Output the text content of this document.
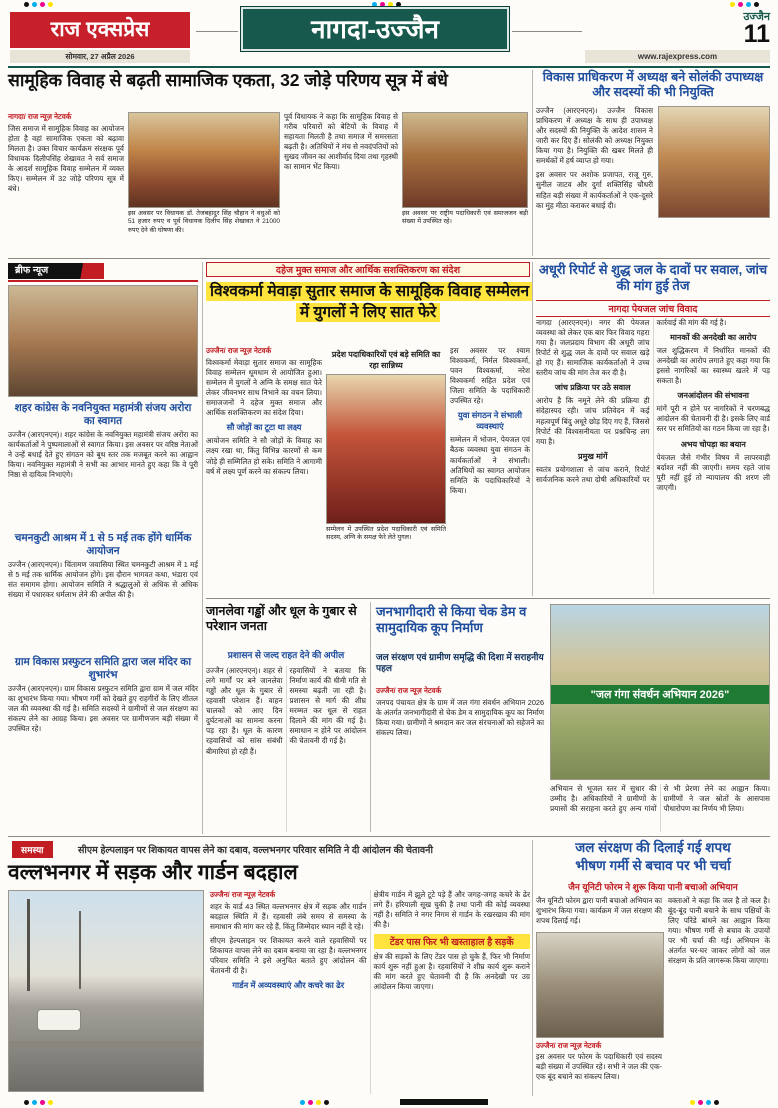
राज एक्सप्रेस
सोमवार, 27 अप्रैल 2026
नागदा-उज्जैन	उज्जैन
11
www.rajexpress.com
सामूहिक विवाह से बढ़ती सामाजिक एकता, 32 जोड़े परिणय सूत्र में बंधे

नागदा/ राज न्यूज़ नेटवर्क

जिस समाज में सामूहिक विवाह का आयोजन होता है वहां सामाजिक एकता को बढ़ावा मिलता है। उक्त विचार कार्यक्रम संरक्षक पूर्व विधायक दिलीपसिंह शेखावत ने सर्व समाज के आदर्श सामूहिक विवाह सम्मेलन में व्यक्त किए। सम्मेलन में 32 जोड़े परिणय सूत्र में बंधे।
इस अवसर पर विधायक डॉ. तेजबहादुर सिंह चौहान ने वधुओं को 51 हजार रुपए व पूर्व विधायक दिलीप सिंह शेखावत ने 21000 रुपए देने की घोषणा की।
पूर्व विधायक ने कहा कि सामूहिक विवाह से गरीब परिवारों को बेटियों के विवाह में सहायता मिलती है तथा समाज में समरसता बढ़ती है। अतिथियों ने मंच से नवदंपतियों को सुखद जीवन का आशीर्वाद दिया तथा गृहस्थी का सामान भेंट किया।
इस अवसर पर राष्ट्रीय पदाधिकारी एवं समाजजन बड़ी संख्या में उपस्थित रहे।
विकास प्राधिकरण में अध्यक्ष बने सोलंकी उपाध्यक्ष और सदस्यों की भी नियुक्ति

उज्जैन (आरएनएन)। उज्जैन विकास प्राधिकरण में अध्यक्ष के साथ ही उपाध्यक्ष और सदस्यों की नियुक्ति के आदेश शासन ने जारी कर दिए हैं। सोलंकी को अध्यक्ष नियुक्त किया गया है। नियुक्ति की खबर मिलते ही समर्थकों में हर्ष व्याप्त हो गया।

इस अवसर पर अशोक प्रजापत, राजू गुरु, सुनील जाटव और दुर्गा शक्तिसिंह चौधरी सहित बड़ी संख्या में कार्यकर्ताओं ने एक-दूसरे का मुंह मीठा कराकर बधाई दी।

ब्रीफ न्यूज
शहर कांग्रेस के नवनियुक्त महामंत्री संजय अरोरा का स्वागत
उज्जैन (आरएनएन)। शहर कांग्रेस के नवनियुक्त महामंत्री संजय अरोरा का कार्यकर्ताओं ने पुष्पमालाओं से स्वागत किया। इस अवसर पर वरिष्ठ नेताओं ने उन्हें बधाई देते हुए संगठन को बूथ स्तर तक मजबूत करने का आह्वान किया। नवनियुक्त महामंत्री ने सभी का आभार मानते हुए कहा कि वे पूरी निष्ठा से दायित्व निभाएंगे।
चमनकुटी आश्रम में 1 से 5 मई तक होंगे धार्मिक आयोजन
उज्जैन (आरएनएन)। चिंतामण जवासिया स्थित चमनकुटी आश्रम में 1 मई से 5 मई तक धार्मिक आयोजन होंगे। इस दौरान भागवत कथा, भंडारा एवं संत समागम होगा। आयोजन समिति ने श्रद्धालुओं से अधिक से अधिक संख्या में पधारकर धर्मलाभ लेने की अपील की है।
ग्राम विकास प्रस्फुटन समिति द्वारा जल मंदिर का शुभारंभ
उज्जैन (आरएनएन)। ग्राम विकास प्रस्फुटन समिति द्वारा ग्राम में जल मंदिर का शुभारंभ किया गया। भीषण गर्मी को देखते हुए राहगीरों के लिए शीतल जल की व्यवस्था की गई है। समिति सदस्यों ने ग्रामीणों से जल संरक्षण का संकल्प लेने का आग्रह किया। इस अवसर पर ग्रामीणजन बड़ी संख्या में उपस्थित रहे।
दहेज मुक्त समाज और आर्थिक सशक्तिकरण का संदेश
विश्वकर्मा मेवाड़ा सुतार समाज के सामूहिक विवाह सम्मेलन में युगलों ने लिए सात फेरे

उज्जैन/ राज न्यूज़ नेटवर्क

विश्वकर्मा मेवाड़ा सुतार समाज का सामूहिक विवाह सम्मेलन धूमधाम से आयोजित हुआ। सम्मेलन में युगलों ने अग्नि के समक्ष सात फेरे लेकर जीवनभर साथ निभाने का वचन लिया। समाजजनों ने दहेज मुक्त समाज और आर्थिक सशक्तिकरण का संदेश दिया।

सौ जोड़ों का टूटा था लक्ष्य

आयोजन समिति ने सौ जोड़ों के विवाह का लक्ष्य रखा था, किंतु विभिन्न कारणों से कम जोड़े ही सम्मिलित हो सके। समिति ने आगामी वर्ष में लक्ष्य पूर्ण करने का संकल्प लिया।

प्रदेश पदाधिकारियों एवं बड़े समिति का रहा सान्निध्य
सम्मेलन में उपस्थित प्रदेश पदाधिकारी एवं समिति सदस्य, अग्नि के समक्ष फेरे लेते युगल।

इस अवसर पर श्याम विश्वकर्मा, निर्मल विश्वकर्मा, पवन विश्वकर्मा, नरेश विश्वकर्मा सहित प्रदेश एवं जिला समिति के पदाधिकारी उपस्थित रहे।

युवा संगठन ने संभाली व्यवस्थाएं

सम्मेलन में भोजन, पेयजल एवं बैठक व्यवस्था युवा संगठन के कार्यकर्ताओं ने संभाली। अतिथियों का स्वागत आयोजन समिति के पदाधिकारियों ने किया।

अधूरी रिपोर्ट से शुद्ध जल के दावों पर सवाल, जांच की मांग हुई तेज
नागदा पेयजल जांच विवाद

नागदा (आरएनएन)। नगर की पेयजल व्यवस्था को लेकर एक बार फिर विवाद गहरा गया है। जलप्रदाय विभाग की अधूरी जांच रिपोर्ट से शुद्ध जल के दावों पर सवाल खड़े हो गए हैं। सामाजिक कार्यकर्ताओं ने उच्च स्तरीय जांच की मांग तेज कर दी है।

जांच प्रक्रिया पर उठे सवाल

आरोप है कि नमूने लेने की प्रक्रिया ही संदेहास्पद रही। जांच प्रतिवेदन में कई महत्वपूर्ण बिंदु अधूरे छोड़ दिए गए हैं, जिससे रिपोर्ट की विश्वसनीयता पर प्रश्नचिन्ह लग गया है।

प्रमुख मांगें

स्वतंत्र प्रयोगशाला से जांच कराने, रिपोर्ट सार्वजनिक करने तथा दोषी अधिकारियों पर कार्रवाई की मांग की गई है।

मानकों की अनदेखी का आरोप

जल शुद्धिकरण में निर्धारित मानकों की अनदेखी का आरोप लगाते हुए कहा गया कि इससे नागरिकों का स्वास्थ्य खतरे में पड़ सकता है।

जनआंदोलन की संभावना

मांगें पूरी न होने पर नागरिकों ने चरणबद्ध आंदोलन की चेतावनी दी है। इसके लिए वार्ड स्तर पर समितियों का गठन किया जा रहा है।

अभय चोपड़ा का बयान

पेयजल जैसे गंभीर विषय में लापरवाही बर्दाश्त नहीं की जाएगी। समय रहते जांच पूरी नहीं हुई तो न्यायालय की शरण ली जाएगी।

जानलेवा गड्ढों और धूल के गुबार से परेशान जनता
प्रशासन से जल्द राहत देने की अपील

उज्जैन (आरएनएन)। शहर से लगे मार्गों पर बने जानलेवा गड्ढों और धूल के गुबार से रहवासी परेशान हैं। वाहन चालकों को आए दिन दुर्घटनाओं का सामना करना पड़ रहा है। धूल के कारण रहवासियों को सांस संबंधी बीमारियां हो रही हैं।

रहवासियों ने बताया कि निर्माण कार्य की धीमी गति से समस्या बढ़ती जा रही है। प्रशासन से मार्ग की शीघ्र मरम्मत कर धूल से राहत दिलाने की मांग की गई है। समाधान न होने पर आंदोलन की चेतावनी दी गई है।

जनभागीदारी से किया चेक डेम व सामुदायिक कूप निर्माण
जल संरक्षण एवं ग्रामीण समृद्धि की दिशा में सराहनीय पहल

उज्जैन/ राज न्यूज़ नेटवर्क

जनपद पंचायत क्षेत्र के ग्राम में जल गंगा संवर्धन अभियान 2026 के अंतर्गत जनभागीदारी से चेक डेम व सामुदायिक कूप का निर्माण किया गया। ग्रामीणों ने श्रमदान कर जल संरचनाओं को सहेजने का संकल्प लिया।

"जल गंगा संवर्धन अभियान 2026"

अभियान से भूजल स्तर में सुधार की उम्मीद है। अधिकारियों ने ग्रामीणों के प्रयासों की सराहना करते हुए अन्य गांवों से भी प्रेरणा लेने का आह्वान किया। ग्रामीणों ने जल स्रोतों के आसपास पौधारोपण का निर्णय भी लिया।

समस्या	सीएम हेल्पलाइन पर शिकायत वापस लेने का दबाव, वल्लभनगर परिवार समिति ने दी आंदोलन की चेतावनी
वल्लभनगर में सड़क और गार्डन बदहाल

उज्जैन/ राज न्यूज़ नेटवर्क

शहर के वार्ड 43 स्थित वल्लभनगर क्षेत्र में सड़क और गार्डन बदहाल स्थिति में हैं। रहवासी लंबे समय से समस्या के समाधान की मांग कर रहे हैं, किंतु जिम्मेदार ध्यान नहीं दे रहे।

सीएम हेल्पलाइन पर शिकायत करने वाले रहवासियों पर शिकायत वापस लेने का दबाव बनाया जा रहा है। वल्लभनगर परिवार समिति ने इसे अनुचित बताते हुए आंदोलन की चेतावनी दी है।

गार्डन में अव्यवस्थाएं और कचरे का ढेर

क्षेत्रीय गार्डन में झूले टूटे पड़े हैं और जगह-जगह कचरे के ढेर लगे हैं। हरियाली सूख चुकी है तथा पानी की कोई व्यवस्था नहीं है। समिति ने नगर निगम से गार्डन के रखरखाव की मांग की है।

टेंडर पास फिर भी खस्ताहाल है सड़कें

क्षेत्र की सड़कों के लिए टेंडर पास हो चुके हैं, फिर भी निर्माण कार्य शुरू नहीं हुआ है। रहवासियों ने शीघ्र कार्य शुरू कराने की मांग करते हुए चेतावनी दी है कि अनदेखी पर उग्र आंदोलन किया जाएगा।

जल संरक्षण की दिलाई गई शपथ
भीषण गर्मी से बचाव पर भी चर्चा
जैन यूनिटी फोरम ने शुरू किया पानी बचाओ अभियान
जैन यूनिटी फोरम द्वारा पानी बचाओ अभियान का शुभारंभ किया गया। कार्यक्रम में जल संरक्षण की शपथ दिलाई गई।
उज्जैन/ राज न्यूज़ नेटवर्क
इस अवसर पर फोरम के पदाधिकारी एवं सदस्य बड़ी संख्या में उपस्थित रहे। सभी ने जल की एक-एक बूंद बचाने का संकल्प लिया।
वक्ताओं ने कहा कि जल है तो कल है। बूंद-बूंद पानी बचाने के साथ पक्षियों के लिए परिंडे बांधने का आह्वान किया गया। भीषण गर्मी से बचाव के उपायों पर भी चर्चा की गई। अभियान के अंतर्गत घर-घर जाकर लोगों को जल संरक्षण के प्रति जागरूक किया जाएगा।
